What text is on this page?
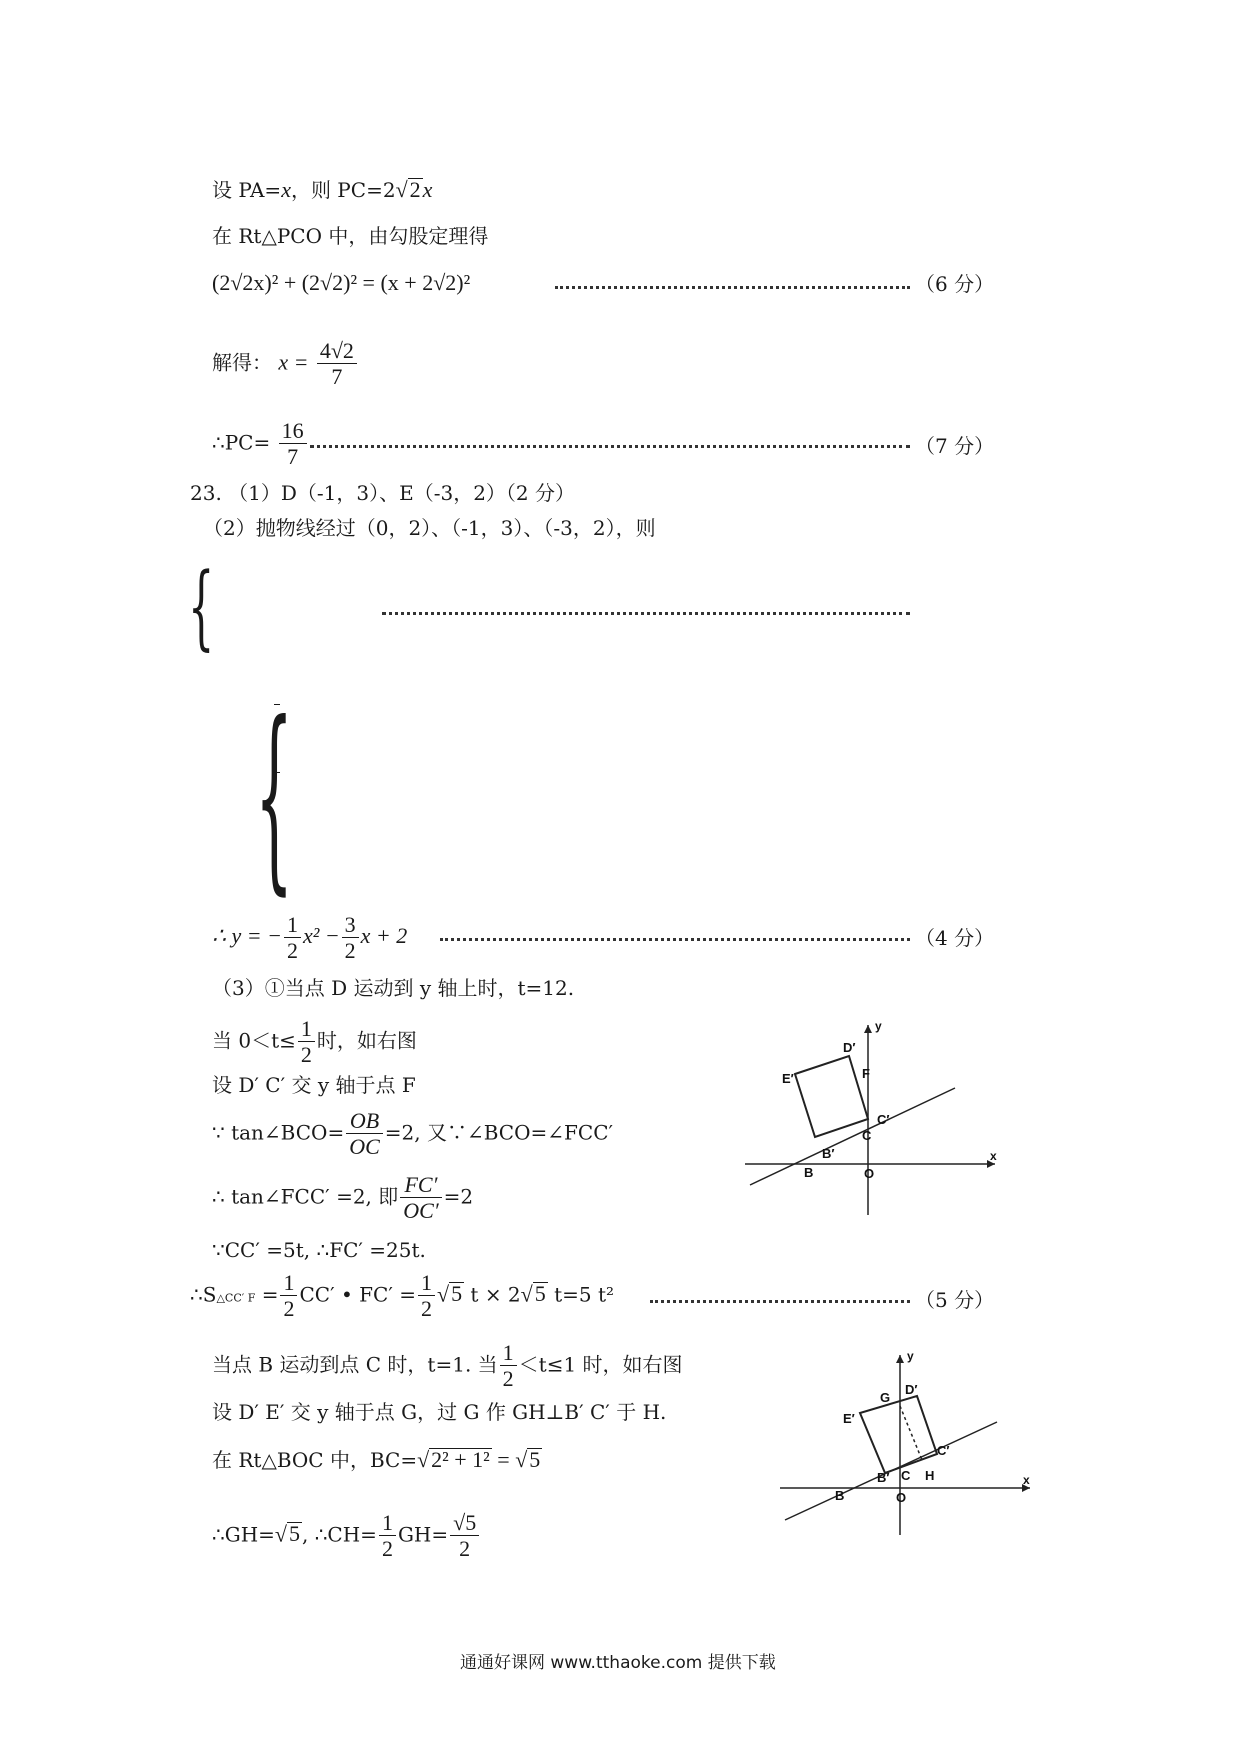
设 PA=x，则 PC=2√2x
在 Rt△PCO 中，由勾股定理得
(2√2x)² + (2√2)² = (x + 2√2)²	（6 分）
解得： $x = \frac{4√2}{7}$
∴PC= $\frac{16}{7}$	（7 分）
23. （1）D（-1，3）、E（-3，2）（2 分）
（2）抛物线经过（0，2）、（-1，3）、（-3，2），则
{
{
∴ y = − $\frac{1}{2} x^2 - \frac{3}{2}$ x + 2	（4 分）
（3）①当点 D 运动到 y 轴上时，t=12.
当 $0<t\le \frac{1}{2}$ 时，如右图
设 D′ C′ 交 y 轴于点 F
∵ tan∠BCO= $\frac{OB}{OC} =2$, 又∵∠BCO=∠FCC′
∴ tan∠FCC′ =2, 即 $\frac{FC'}{OC'} =2$
∵CC′ =5t, ∴FC′ =25t.
∴S△CC′ $F = \frac{1}{2} CC'$ • $FC' = \frac{1}{2} √5$ t × 2√5 t=5 t²	（5 分）
当点 B 运动到点 C 时，t=1. 当 $\frac{1}{2} <t\le 1$ 时，如右图
设 D′ E′ 交 y 轴于点 G，过 G 作 GH⊥B′ C′ 于 H.
在 Rt△BOC 中，BC=√2² + 1² = √5
∴GH=√5 , ∴CH= $\frac{1}{2} GH= \frac{√5}{2}$
y
D′
E′	F
C′
C
B′
B	O
x
y
G
D′
E′
H
C′
B′ C
B	O
x
通通好课网 www.tthaoke.com 提供下载
